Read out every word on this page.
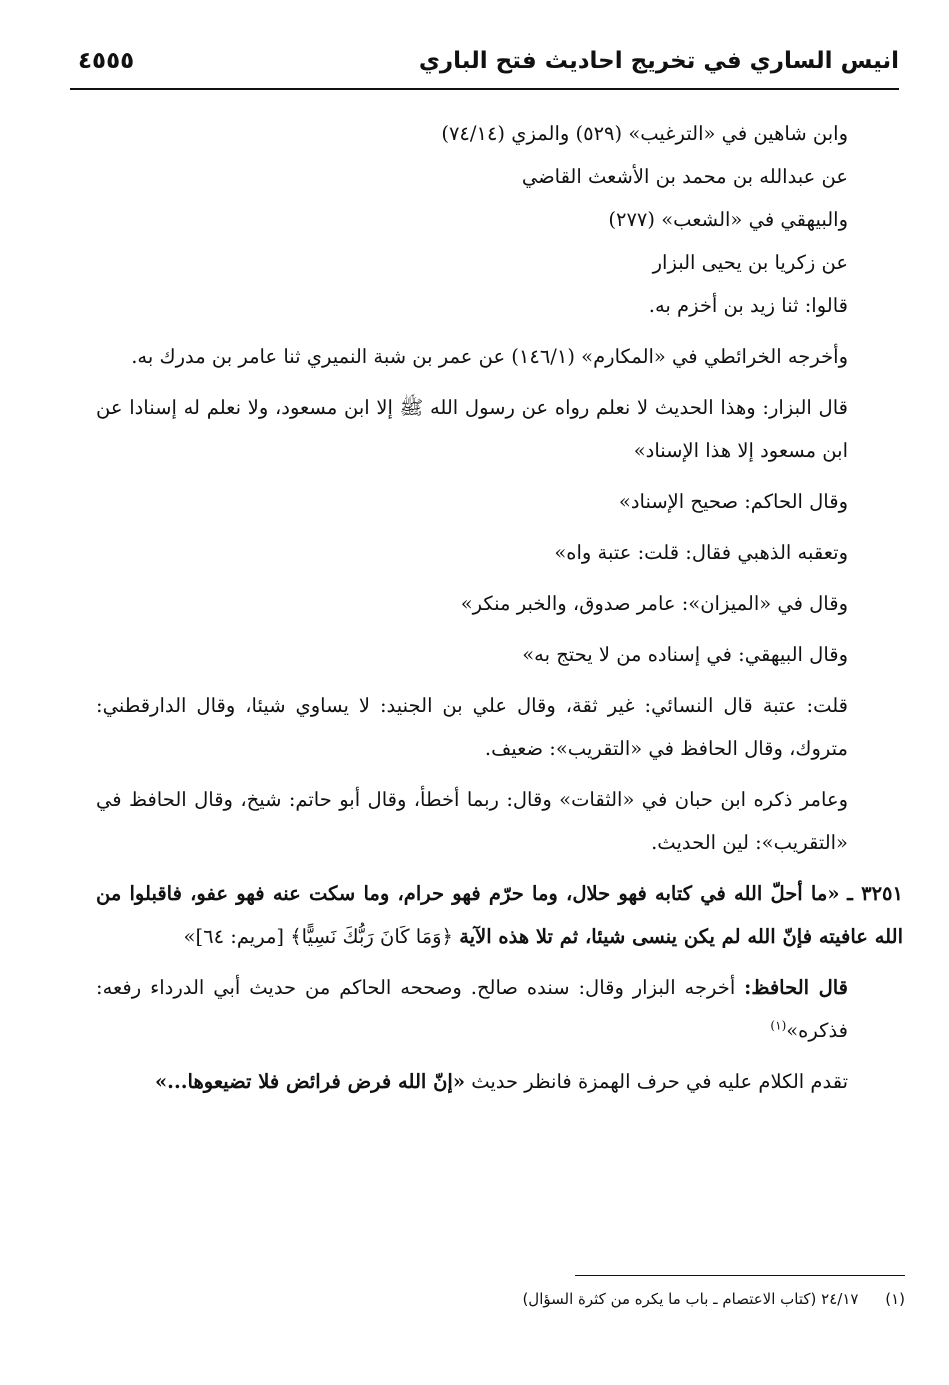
انيس الساري في تخريج احاديث فتح الباري
٤٥٥٥

وابن شاهين في «الترغيب» (٥٢٩) والمزي (٧٤/١٤)

عن عبدالله بن محمد بن الأشعث القاضي

والبيهقي في «الشعب» (٢٧٧)

عن زكريا بن يحيى البزار

قالوا: ثنا زيد بن أخزم به.

وأخرجه الخرائطي في «المكارم» (١٤٦/١) عن عمر بن شبة النميري ثنا عامر بن مدرك به.

قال البزار: وهذا الحديث لا نعلم رواه عن رسول الله ﷺ إلا ابن مسعود، ولا نعلم له إسنادا عن ابن مسعود إلا هذا الإسناد»

وقال الحاكم: صحيح الإسناد»

وتعقبه الذهبي فقال: قلت: عتبة واه»

وقال في «الميزان»: عامر صدوق، والخبر منكر»

وقال البيهقي: في إسناده من لا يحتج به»

قلت: عتبة قال النسائي: غير ثقة، وقال علي بن الجنيد: لا يساوي شيئا، وقال الدارقطني: متروك، وقال الحافظ في «التقريب»: ضعيف.

وعامر ذكره ابن حبان في «الثقات» وقال: ربما أخطأ، وقال أبو حاتم: شيخ، وقال الحافظ في «التقريب»: لين الحديث.

٣٢٥١ ـ «ما أحلّ الله في كتابه فهو حلال، وما حرّم فهو حرام، وما سكت عنه فهو عفو، فاقبلوا من الله عافيته فإنّ الله لم يكن ينسى شيئا، ثم تلا هذه الآية ﴿وَمَا كَانَ رَبُّكَ نَسِيًّا﴾ [مريم: ٦٤]»

قال الحافظ: أخرجه البزار وقال: سنده صالح. وصححه الحاكم من حديث أبي الدرداء رفعه: فذكره»$^{(١)}$

تقدم الكلام عليه في حرف الهمزة فانظر حديث «إنّ الله فرض فرائض فلا تضيعوها...»

(١) ٢٤/١٧ (كتاب الاعتصام ـ باب ما يكره من كثرة السؤال)
